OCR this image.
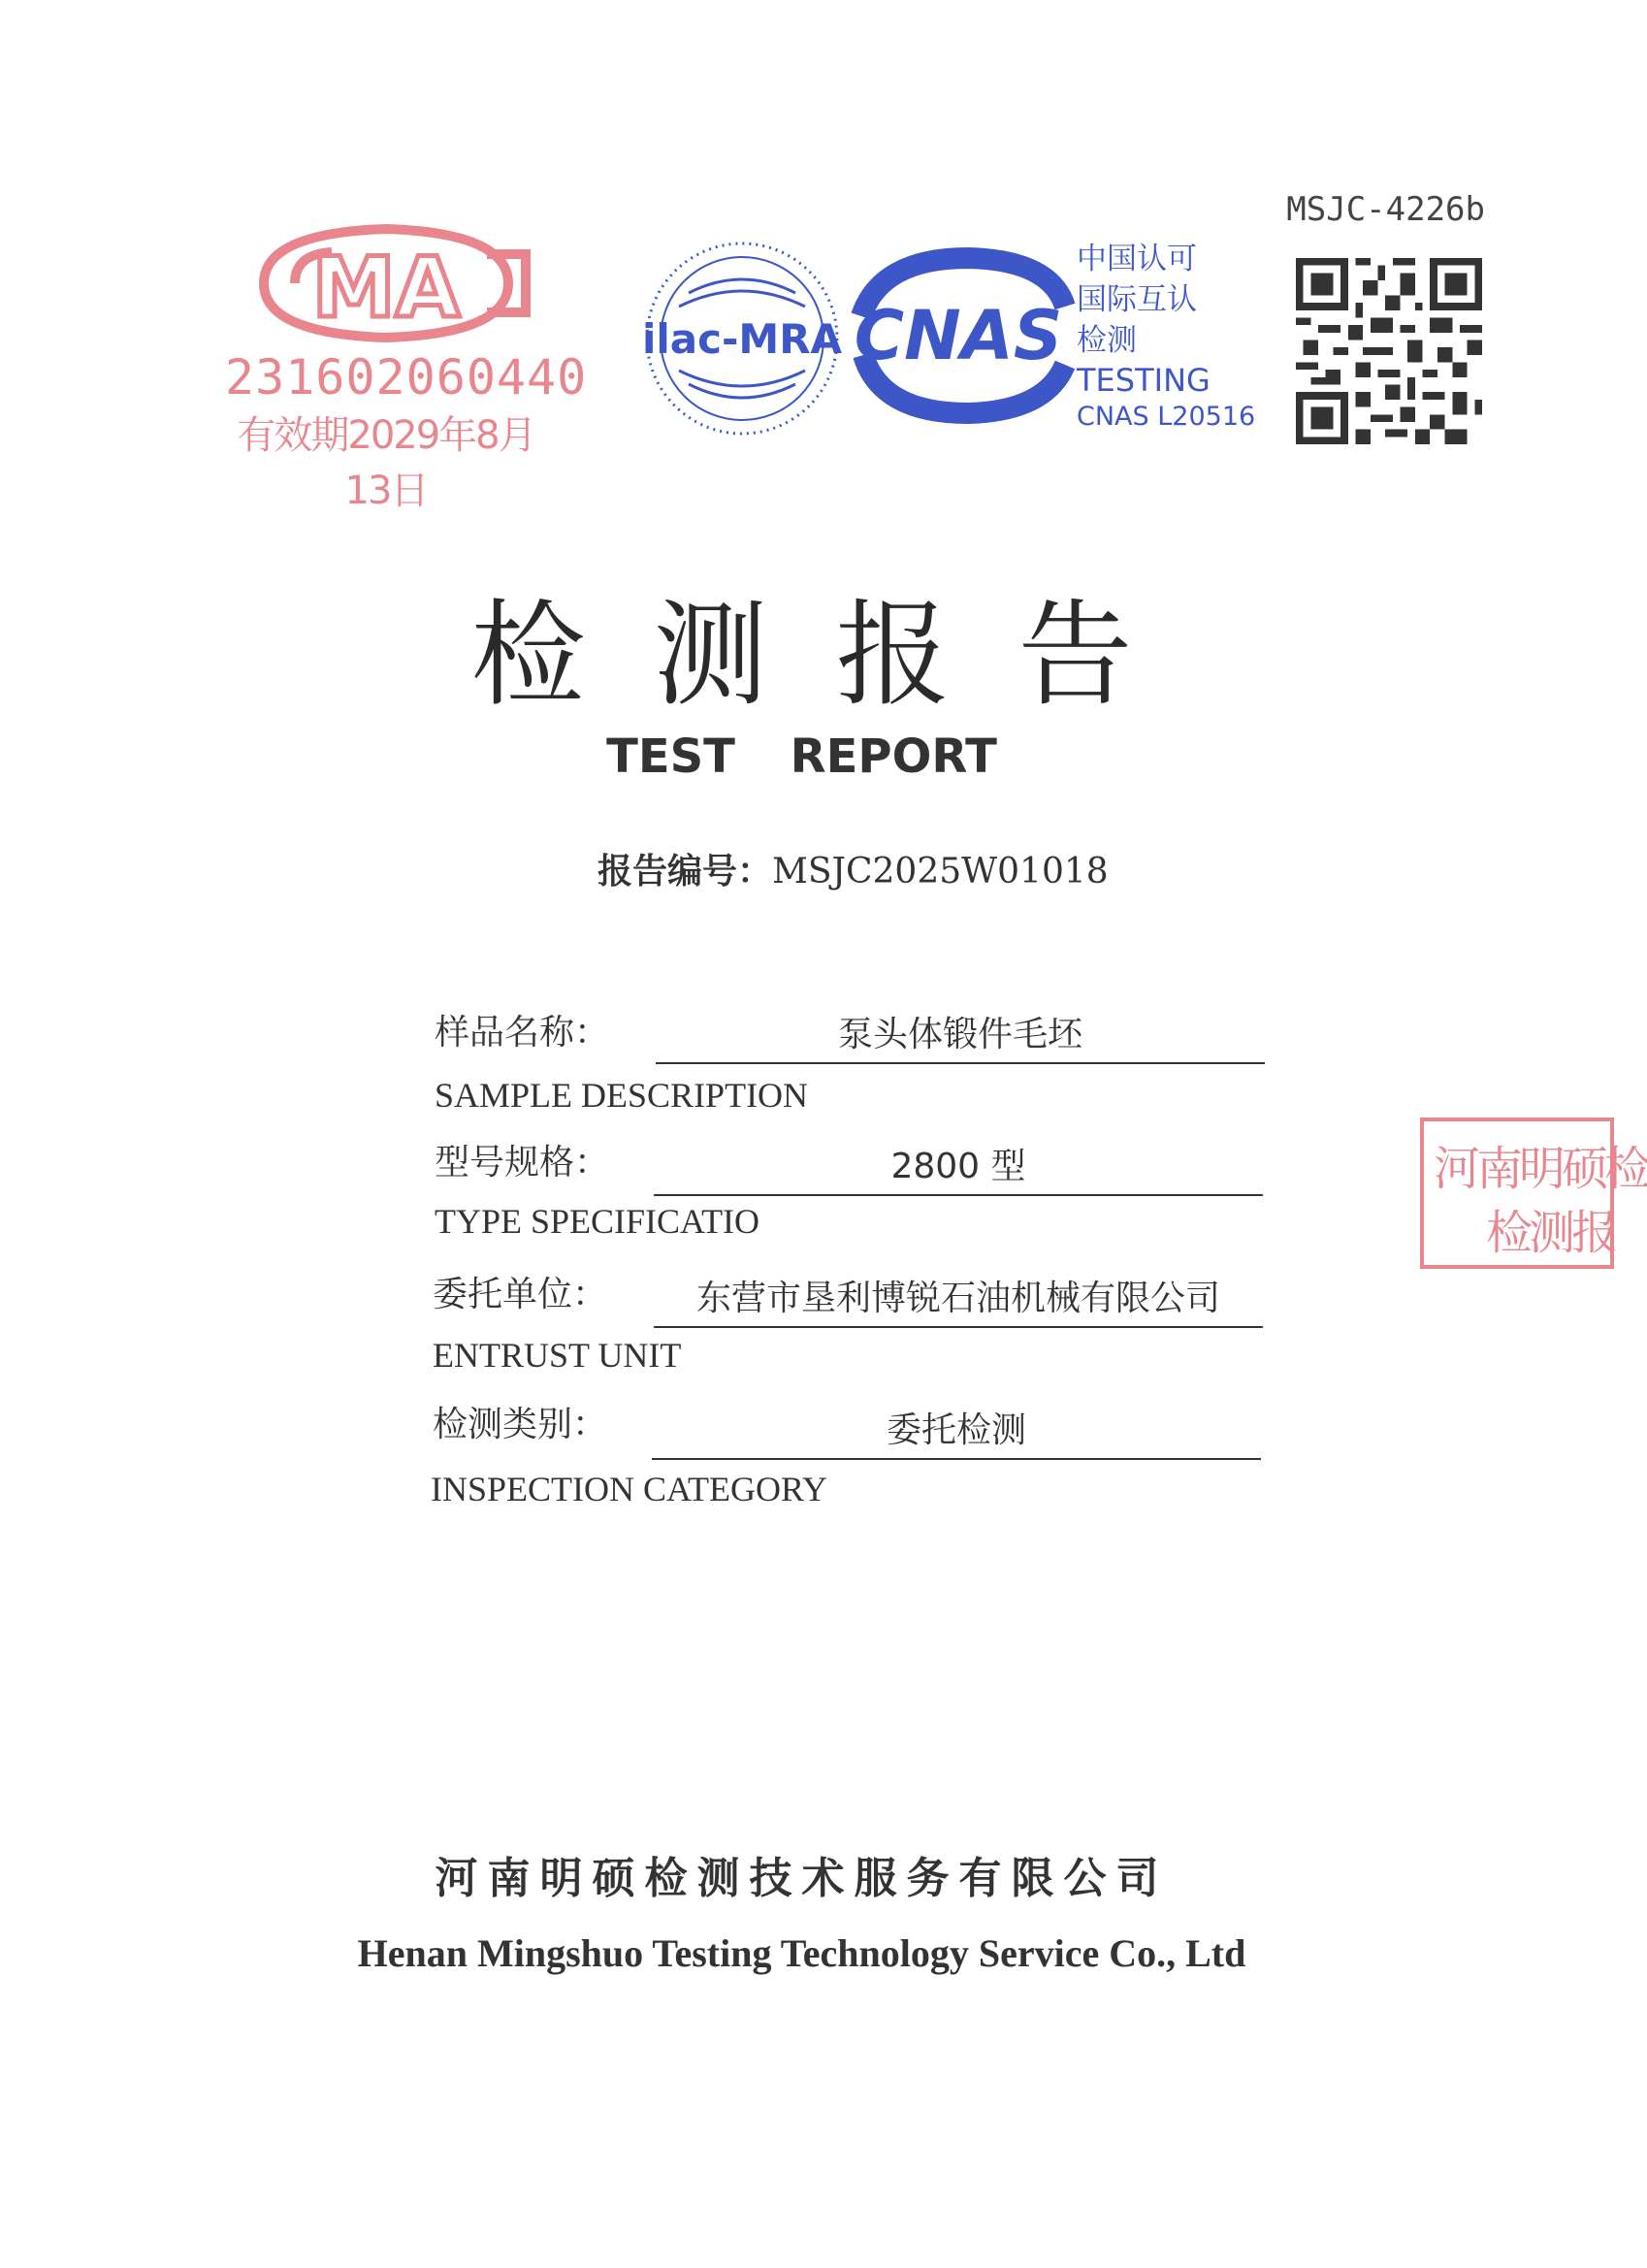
MA
231602060440
有效期2029年8月13日
MSJC-4226b
ilac-MRA CNAS
中国认可
国际互认
检测
TESTING
CNAS L20516
检测报告
TEST REPORT
报告编号：MSJC2025W01018
样品名称：	泵头体锻件毛坯
SAMPLE DESCRIPTION
型号规格：	2800 型
TYPE SPECIFICATIO
委托单位：	东营市垦利博锐石油机械有限公司
ENTRUST UNIT
检测类别：	委托检测
INSPECTION CATEGORY
河南明硕检
检测报
河南明硕检测技术服务有限公司
Henan Mingshuo Testing Technology Service Co., Ltd
